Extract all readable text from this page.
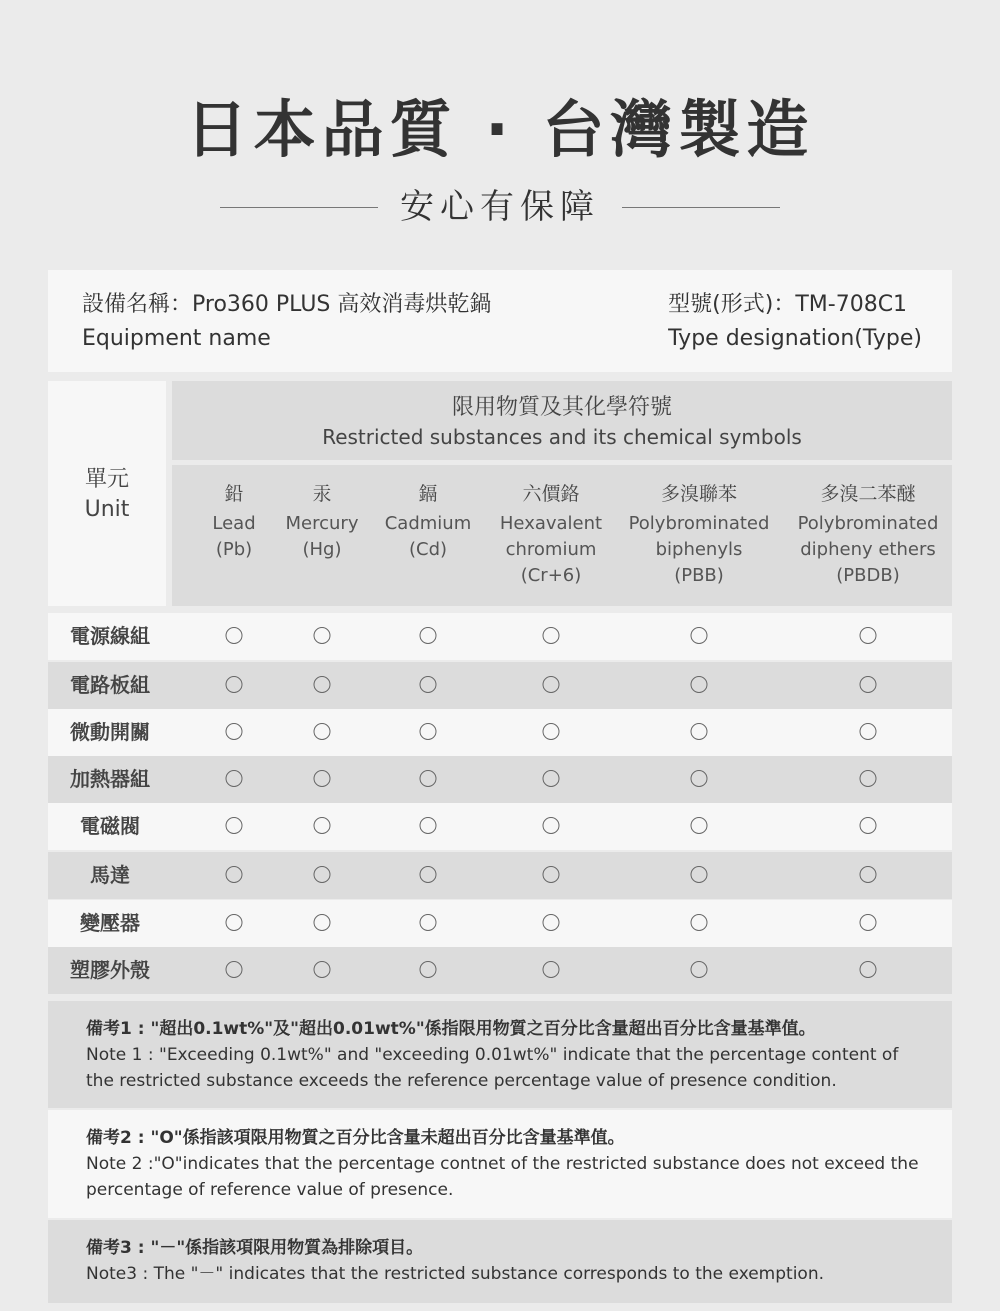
日本品質 · 台灣製造
安心有保障
設備名稱：Pro360 PLUS 高效消毒烘乾鍋
Equipment name
型號(形式)：TM-708C1
Type designation(Type)
單元
Unit
限用物質及其化學符號
Restricted substances and its chemical symbols
鉛
Lead
(Pb)
汞
Mercury
(Hg)
鎘
Cadmium
(Cd)
六價鉻
Hexavalent
chromium
(Cr+6)
多溴聯苯
Polybrominated
biphenyls
(PBB)
多溴二苯醚
Polybrominated
dipheny ethers
(PBDB)
電源線組
電路板組
微動開關
加熱器組
電磁閥
馬達
變壓器
塑膠外殼
備考1 : "超出0.1wt%"及"超出0.01wt%"係指限用物質之百分比含量超出百分比含量基準值。
Note 1 : "Exceeding 0.1wt%" and "exceeding 0.01wt%" indicate that the percentage content of the restricted substance exceeds the reference percentage value of presence condition.
備考2 : "O"係指該項限用物質之百分比含量未超出百分比含量基準值。
Note 2 :"O"indicates that the percentage contnet of the restricted substance does not exceed the percentage of reference value of presence.
備考3 : "－"係指該項限用物質為排除項目。
Note3 : The "－" indicates that the restricted substance corresponds to the exemption.
